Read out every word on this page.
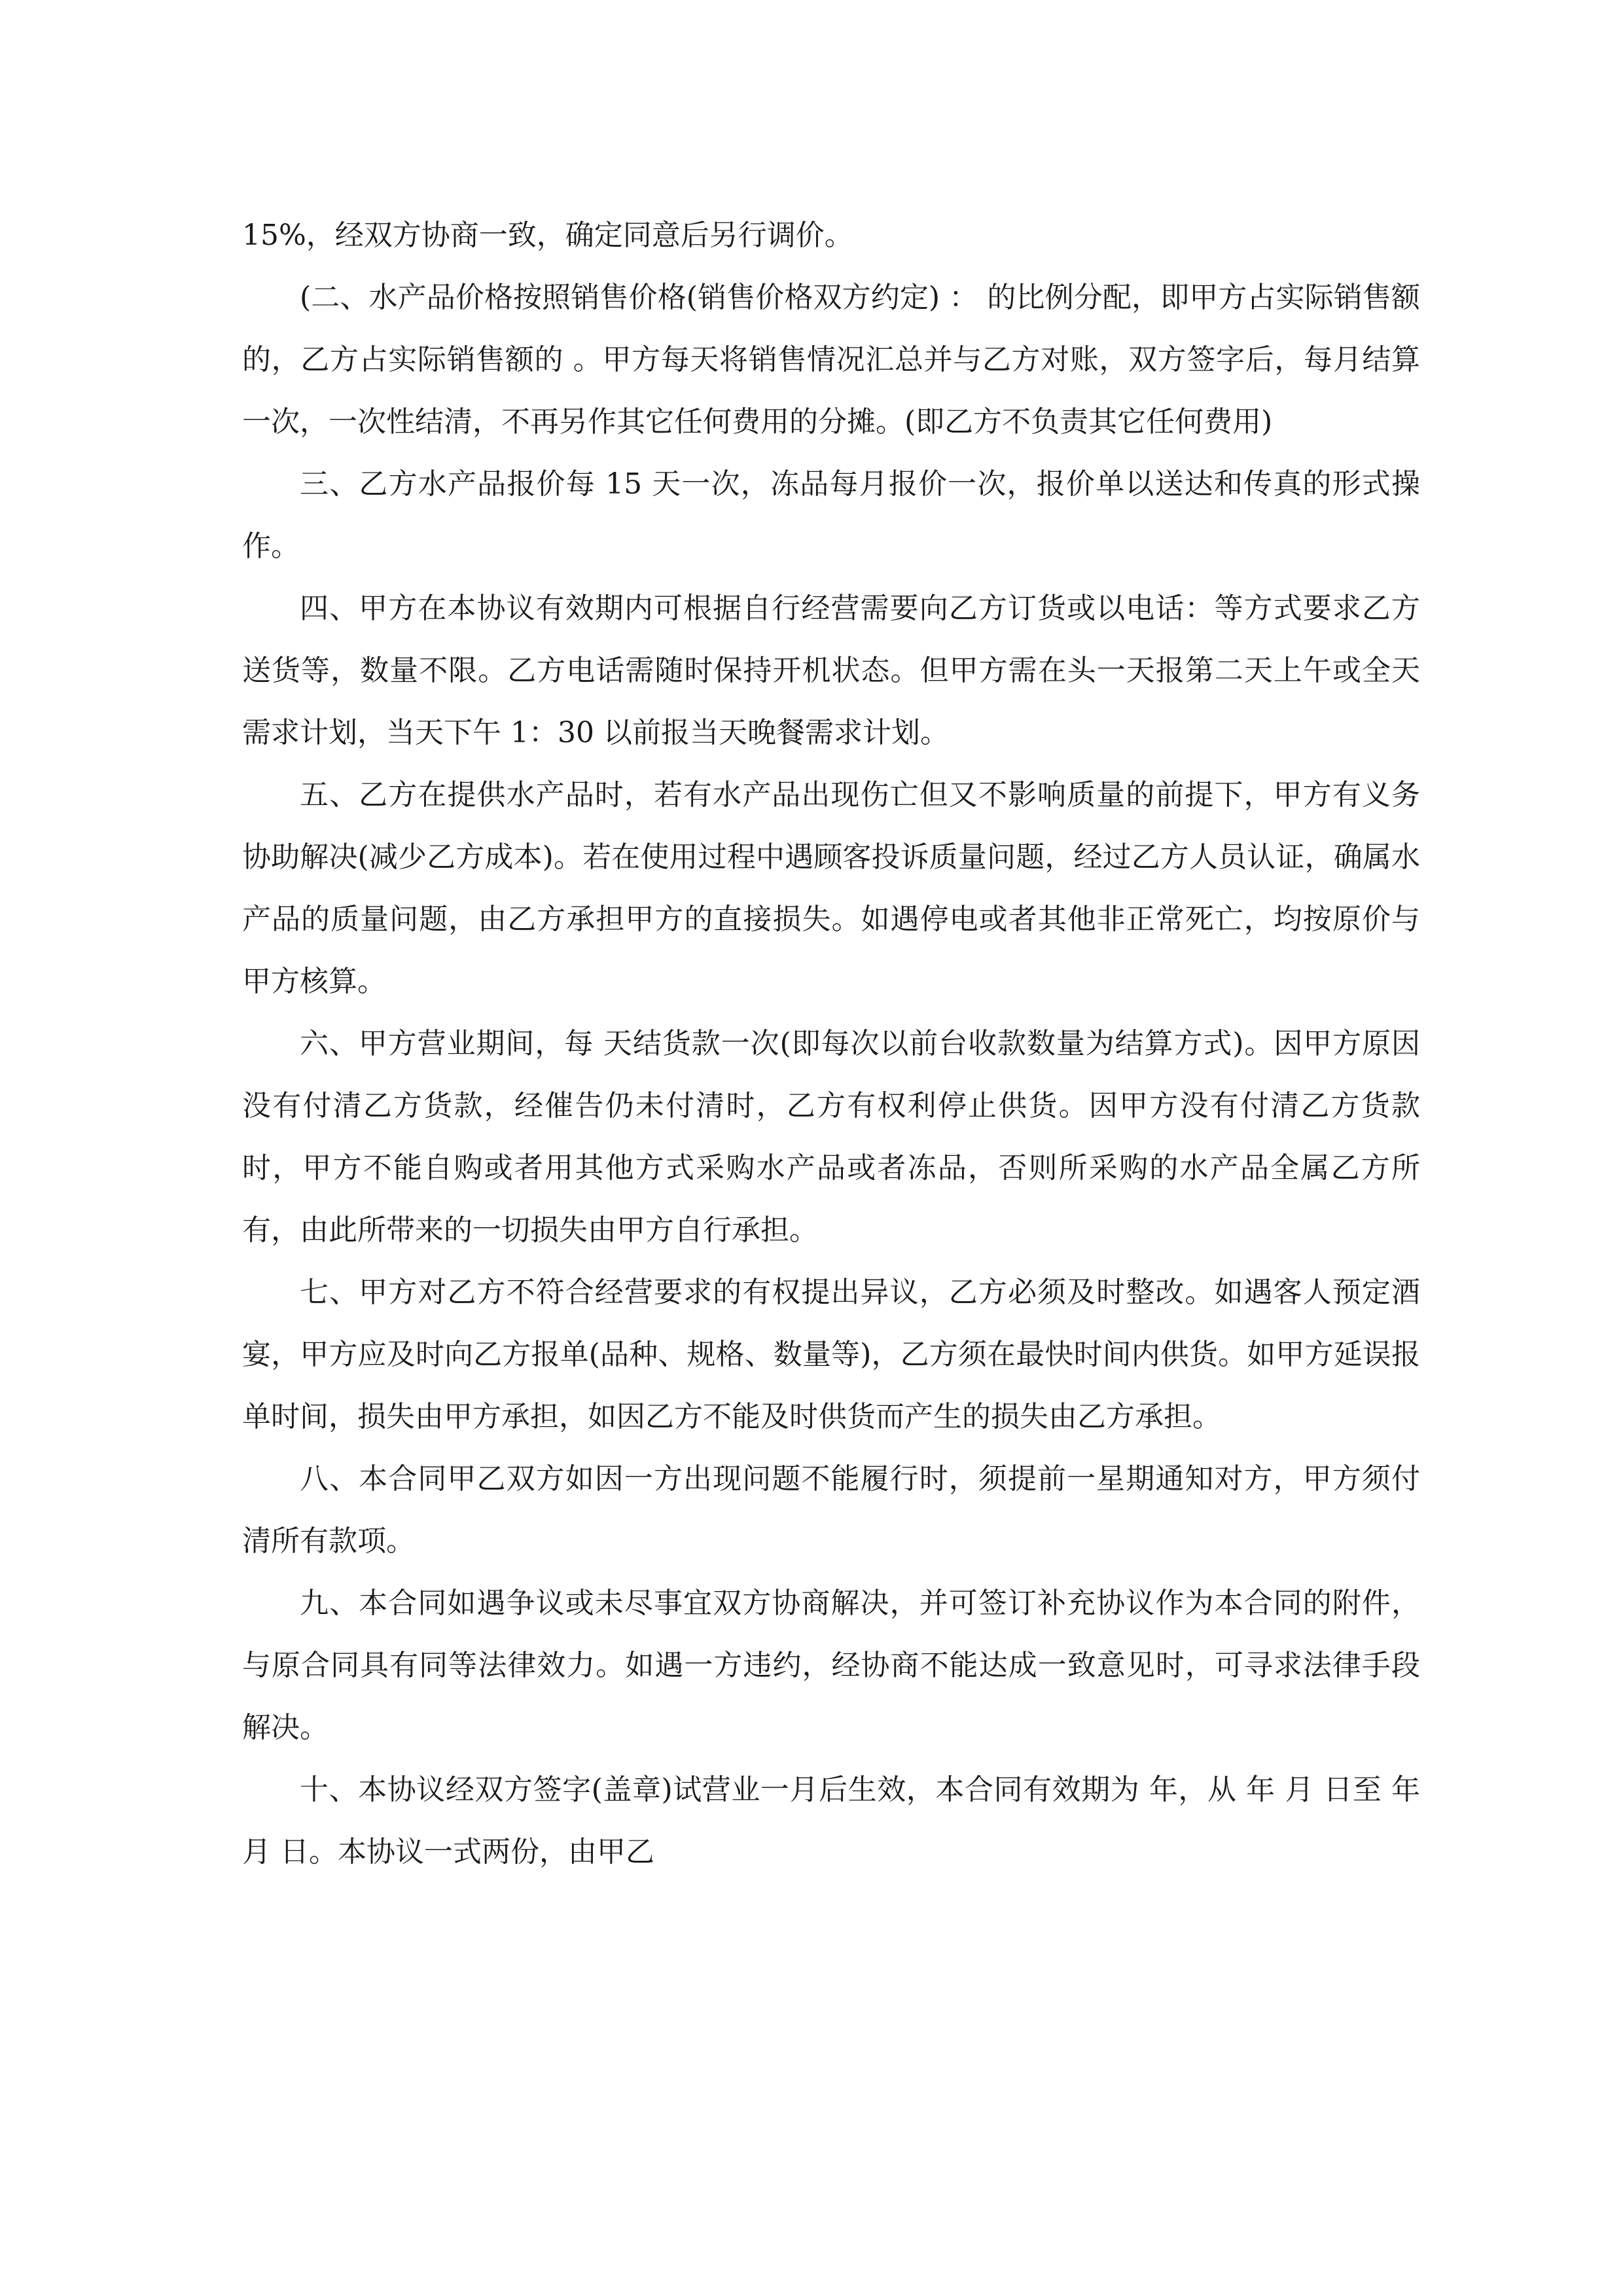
15%，经双方协商一致，确定同意后另行调价。

(二、水产品价格按照销售价格(销售价格双方约定) ： 的比例分配，即甲方占实际销售额的，乙方占实际销售额的 。甲方每天将销售情况汇总并与乙方对账，双方签字后，每月结算一次，一次性结清，不再另作其它任何费用的分摊。(即乙方不负责其它任何费用)

三、乙方水产品报价每 15 天一次，冻品每月报价一次，报价单以送达和传真的形式操作。

四、甲方在本协议有效期内可根据自行经营需要向乙方订货或以电话：等方式要求乙方送货等，数量不限。乙方电话需随时保持开机状态。但甲方需在头一天报第二天上午或全天需求计划，当天下午 1：30 以前报当天晚餐需求计划。

五、乙方在提供水产品时，若有水产品出现伤亡但又不影响质量的前提下，甲方有义务协助解决(减少乙方成本)。若在使用过程中遇顾客投诉质量问题，经过乙方人员认证，确属水产品的质量问题，由乙方承担甲方的直接损失。如遇停电或者其他非正常死亡，均按原价与甲方核算。

六、甲方营业期间，每 天结货款一次(即每次以前台收款数量为结算方式)。因甲方原因没有付清乙方货款，经催告仍未付清时，乙方有权利停止供货。因甲方没有付清乙方货款时，甲方不能自购或者用其他方式采购水产品或者冻品，否则所采购的水产品全属乙方所有，由此所带来的一切损失由甲方自行承担。

七、甲方对乙方不符合经营要求的有权提出异议，乙方必须及时整改。如遇客人预定酒宴，甲方应及时向乙方报单(品种、规格、数量等)，乙方须在最快时间内供货。如甲方延误报单时间，损失由甲方承担，如因乙方不能及时供货而产生的损失由乙方承担。

八、本合同甲乙双方如因一方出现问题不能履行时，须提前一星期通知对方，甲方须付清所有款项。

九、本合同如遇争议或未尽事宜双方协商解决，并可签订补充协议作为本合同的附件，与原合同具有同等法律效力。如遇一方违约，经协商不能达成一致意见时，可寻求法律手段解决。

十、本协议经双方签字(盖章)试营业一月后生效，本合同有效期为 年，从 年 月 日至 年 月 日。本协议一式两份，由甲乙
